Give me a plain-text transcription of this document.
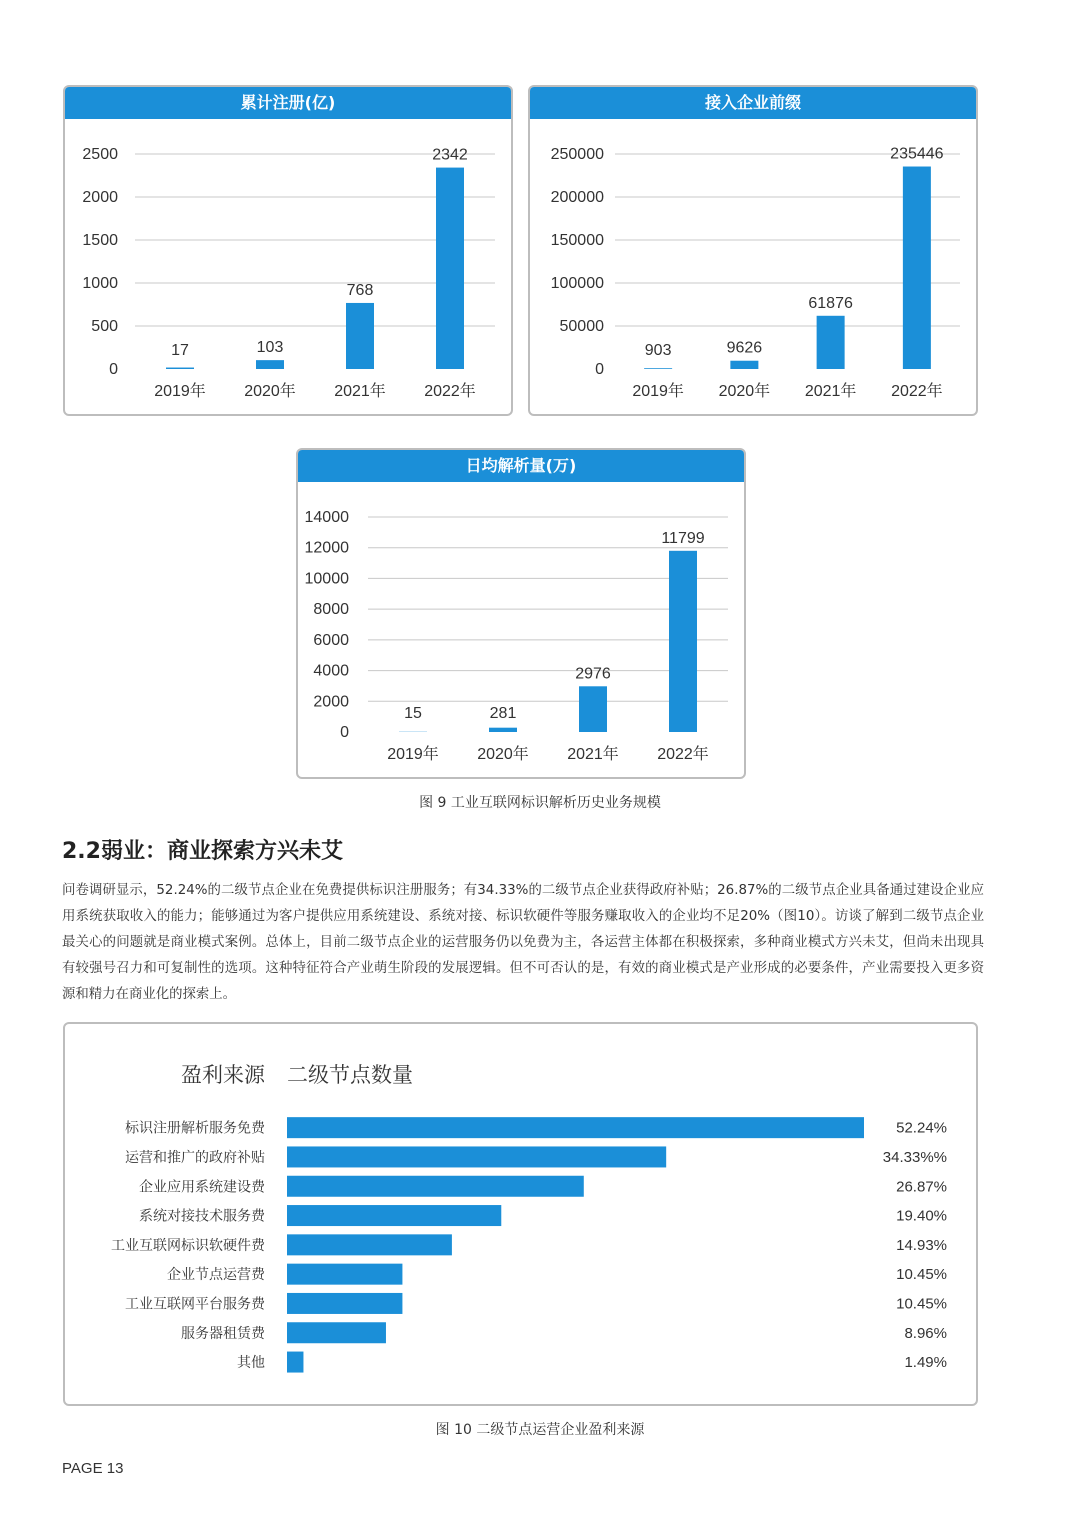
累计注册(亿)
0
500
1000
1500
2000
2500
17
2019年
103
2020年
768
2021年
2342
2022年
接入企业前缀
0
50000
100000
150000
200000
250000
903
2019年
9626
2020年
61876
2021年
235446
2022年
日均解析量(万)
0
2000
4000
6000
8000
10000
12000
14000
15
2019年
281
2020年
2976
2021年
11799
2022年
图 9 工业互联网标识解析历史业务规模
2.2弱业：商业探索方兴未艾

问卷调研显示，52.24%的二级节点企业在免费提供标识注册服务；有34.33%的二级节点企业获得政府补贴；26.87%的二级节点企业具备通过建设企业应用系统获取收入的能力；能够通过为客户提供应用系统建设、系统对接、标识软硬件等服务赚取收入的企业均不足20%（图10）。访谈了解到二级节点企业最关心的问题就是商业模式案例。总体上，目前二级节点企业的运营服务仍以免费为主，各运营主体都在积极探索，多种商业模式方兴未艾，但尚未出现具有较强号召力和可复制性的选项。这种特征符合产业萌生阶段的发展逻辑。但不可否认的是，有效的商业模式是产业形成的必要条件，产业需要投入更多资源和精力在商业化的探索上。

盈利来源 二级节点数量
标识注册解析服务免费	52.24%
运营和推广的政府补贴	34.33%%
企业应用系统建设费	26.87%
系统对接技术服务费	19.40%
工业互联网标识软硬件费	14.93%
企业节点运营费	10.45%
工业互联网平台服务费	10.45%
服务器租赁费	8.96%
其他	1.49%
图 10 二级节点运营企业盈利来源
PAGE 13
